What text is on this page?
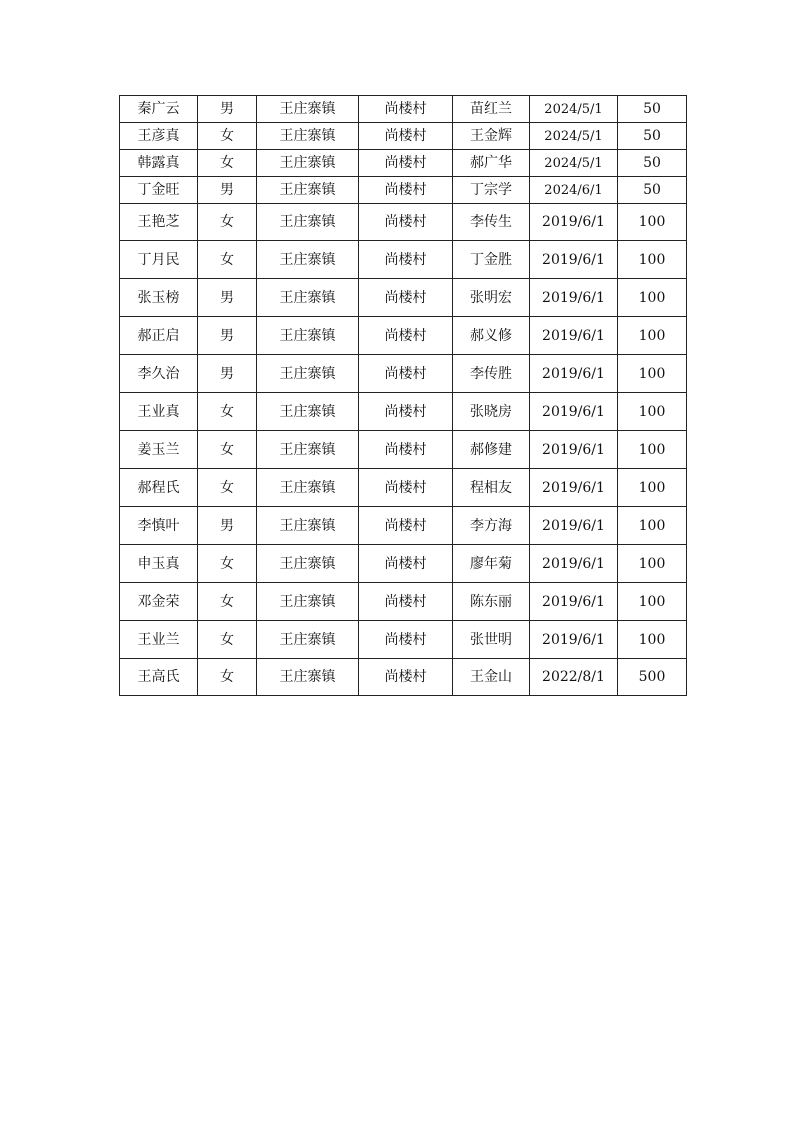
秦广云	男	王庄寨镇	尚楼村	苗红兰	2024/5/1	50
王彦真	女	王庄寨镇	尚楼村	王金辉	2024/5/1	50
韩露真	女	王庄寨镇	尚楼村	郝广华	2024/5/1	50
丁金旺	男	王庄寨镇	尚楼村	丁宗学	2024/6/1	50
王艳芝	女	王庄寨镇	尚楼村	李传生	2019/6/1	100
丁月民	女	王庄寨镇	尚楼村	丁金胜	2019/6/1	100
张玉榜	男	王庄寨镇	尚楼村	张明宏	2019/6/1	100
郝正启	男	王庄寨镇	尚楼村	郝义修	2019/6/1	100
李久治	男	王庄寨镇	尚楼村	李传胜	2019/6/1	100
王业真	女	王庄寨镇	尚楼村	张晓房	2019/6/1	100
姜玉兰	女	王庄寨镇	尚楼村	郝修建	2019/6/1	100
郝程氏	女	王庄寨镇	尚楼村	程相友	2019/6/1	100
李慎叶	男	王庄寨镇	尚楼村	李方海	2019/6/1	100
申玉真	女	王庄寨镇	尚楼村	廖年菊	2019/6/1	100
邓金荣	女	王庄寨镇	尚楼村	陈东丽	2019/6/1	100
王业兰	女	王庄寨镇	尚楼村	张世明	2019/6/1	100
王高氏	女	王庄寨镇	尚楼村	王金山	2022/8/1	500
